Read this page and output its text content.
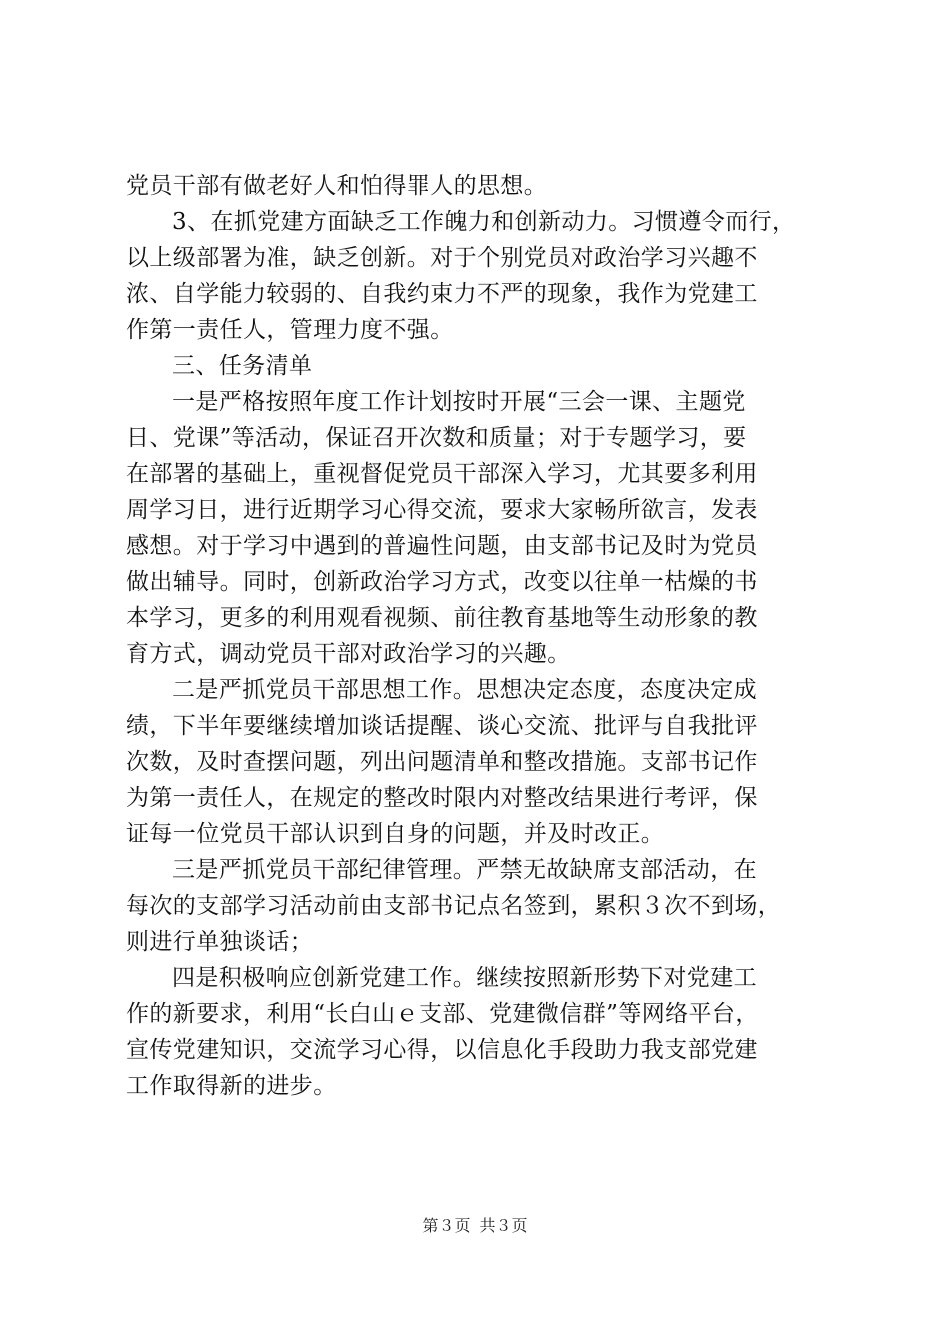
党员干部有做老好人和怕得罪人的思想。
3、在抓党建方面缺乏工作魄力和创新动力。习惯遵令而行，
以上级部署为准，缺乏创新。对于个别党员对政治学习兴趣不
浓、自学能力较弱的、自我约束力不严的现象，我作为党建工
作第一责任人，管理力度不强。
三、任务清单
一是严格按照年度工作计划按时开展“三会一课、主题党
日、党课”等活动，保证召开次数和质量；对于专题学习，要
在部署的基础上，重视督促党员干部深入学习，尤其要多利用
周学习日，进行近期学习心得交流，要求大家畅所欲言，发表
感想。对于学习中遇到的普遍性问题，由支部书记及时为党员
做出辅导。同时，创新政治学习方式，改变以往单一枯燥的书
本学习，更多的利用观看视频、前往教育基地等生动形象的教
育方式，调动党员干部对政治学习的兴趣。
二是严抓党员干部思想工作。思想决定态度，态度决定成
绩，下半年要继续增加谈话提醒、谈心交流、批评与自我批评
次数，及时查摆问题，列出问题清单和整改措施。支部书记作
为第一责任人，在规定的整改时限内对整改结果进行考评，保
证每一位党员干部认识到自身的问题，并及时改正。
三是严抓党员干部纪律管理。严禁无故缺席支部活动，在
每次的支部学习活动前由支部书记点名签到，累积３次不到场，
则进行单独谈话；
四是积极响应创新党建工作。继续按照新形势下对党建工
作的新要求，利用“长白山ｅ支部、党建微信群”等网络平台，
宣传党建知识，交流学习心得，以信息化手段助力我支部党建
工作取得新的进步。
第３页 共３页
